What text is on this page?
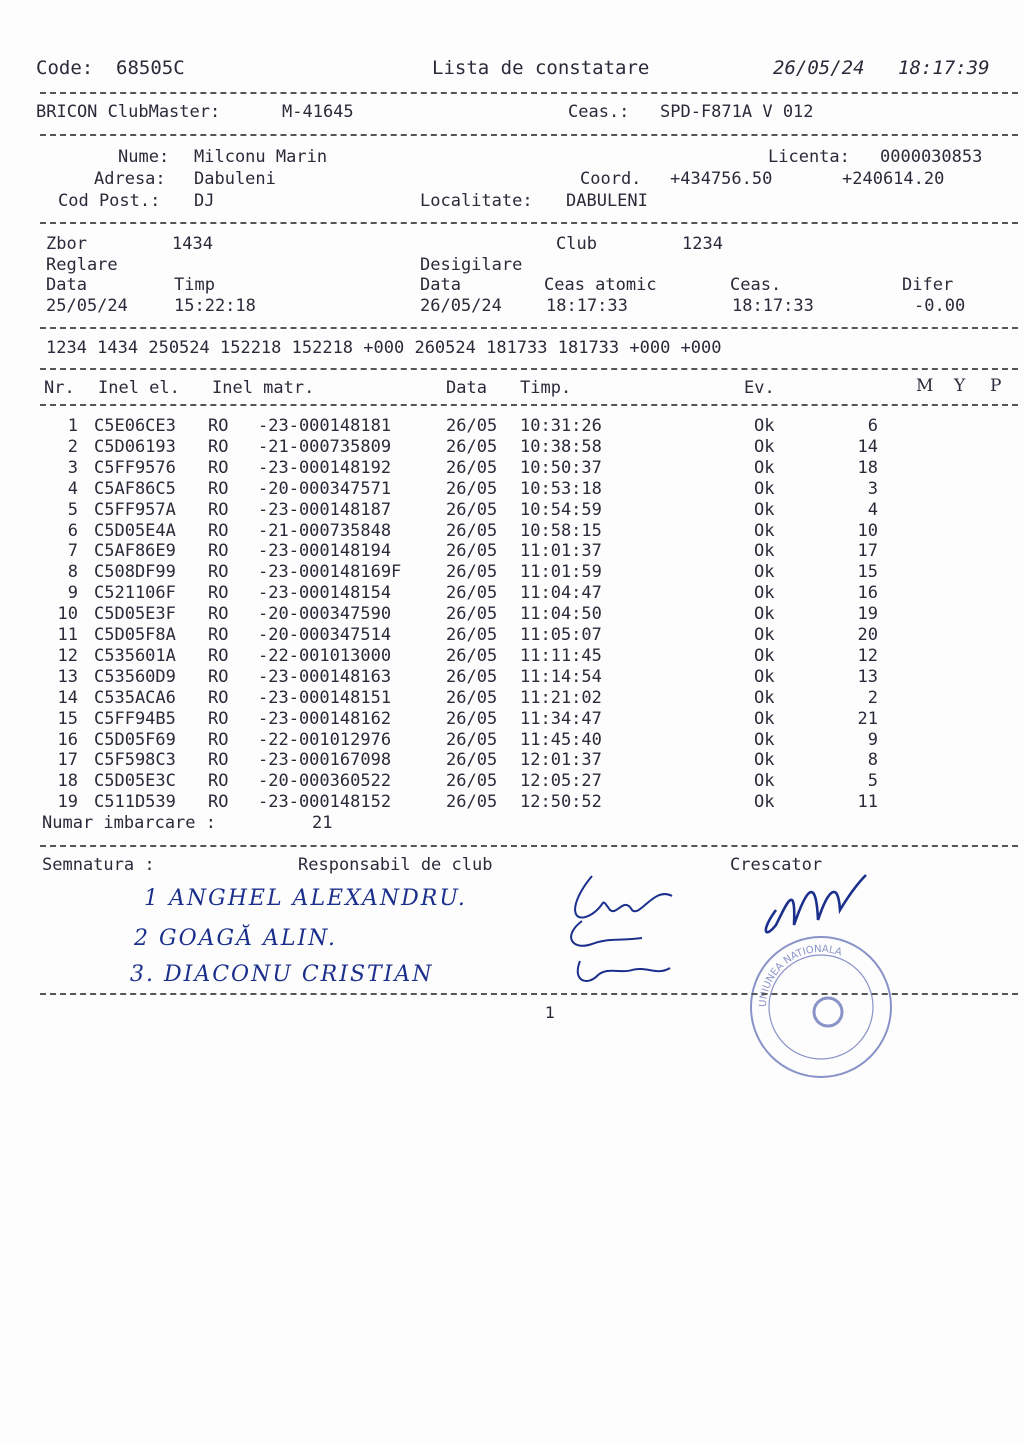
Code: 68505C	Lista de constatare	26/05/24 18:17:39
BRICON ClubMaster:	M-41645	Ceas.: SPD-F871A V 012
Nume: Milconu Marin	Licenta: 0000030853
Adresa: Dabuleni	Coord. +434756.50	+240614.20
Cod Post.: DJ	Localitate: DABULENI
Zbor	1434	Club	1234
Reglare	Desigilare
Data	Timp	Data	Ceas atomic	Ceas.	Difer
25/05/24	15:22:18	26/05/24	18:17:33	18:17:33	-0.00
1234 1434 250524 152218 152218 +000 260524 181733 181733 +000 +000
Nr. Inel el. Inel matr.	Data Timp.	Ev.	M Y P
1 C5E06CE3 RO -23-000148181	26/05 10:31:26	Ok	6
2 C5D06193 RO -21-000735809	26/05 10:38:58	Ok	14
3 C5FF9576 RO -23-000148192	26/05 10:50:37	Ok	18
4 C5AF86C5 RO -20-000347571	26/05 10:53:18	Ok	3
5 C5FF957A RO -23-000148187	26/05 10:54:59	Ok	4
6 C5D05E4A RO -21-000735848	26/05 10:58:15	Ok	10
7 C5AF86E9 RO -23-000148194	26/05 11:01:37	Ok	17
8 C508DF99 RO -23-000148169F	26/05 11:01:59	Ok	15
9 C521106F RO -23-000148154	26/05 11:04:47	Ok	16
10 C5D05E3F RO -20-000347590	26/05 11:04:50	Ok	19
11 C5D05F8A RO -20-000347514	26/05 11:05:07	Ok	20
12 C535601A RO -22-001013000	26/05 11:11:45	Ok	12
13 C53560D9 RO -23-000148163	26/05 11:14:54	Ok	13
14 C535ACA6 RO -23-000148151	26/05 11:21:02	Ok	2
15 C5FF94B5 RO -23-000148162	26/05 11:34:47	Ok	21
16 C5D05F69 RO -22-001012976	26/05 11:45:40	Ok	9
17 C5F598C3 RO -23-000167098	26/05 12:01:37	Ok	8
18 C5D05E3C RO -20-000360522	26/05 12:05:27	Ok	5
19 C511D539 RO -23-000148152	26/05 12:50:52	Ok	11
Numar imbarcare :	21
Semnatura :	Responsabil de club	Crescator
1 ANGHEL ALEXANDRU.
2 GOAGĂ ALIN.
3. DIACONU CRISTIAN
UNIUNEA NATIONALA
1
